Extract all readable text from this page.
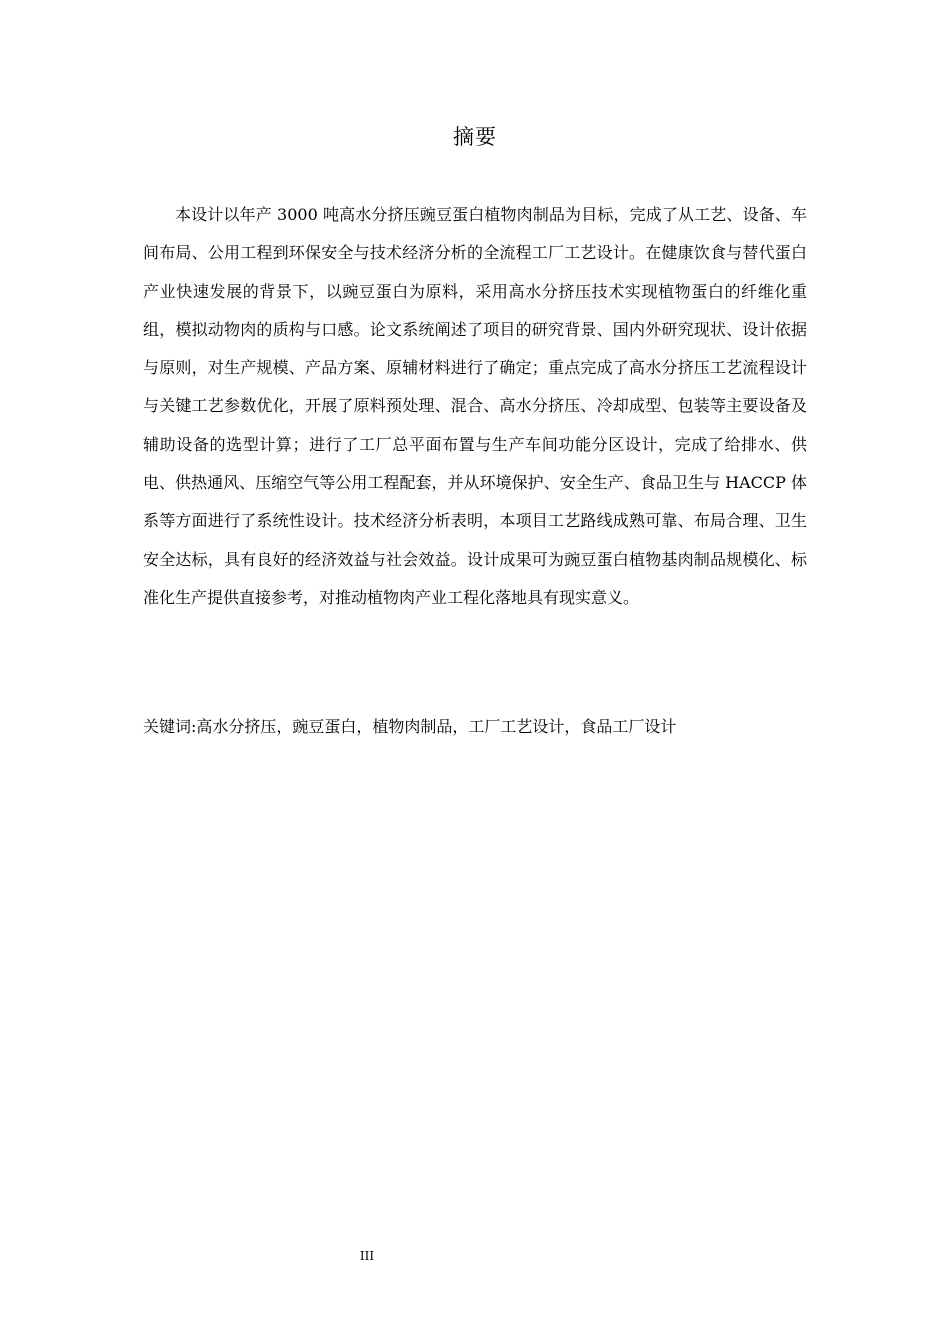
摘要

本设计以年产 3000 吨高水分挤压豌豆蛋白植物肉制品为目标，完成了从工艺、设备、车间布局、公用工程到环保安全与技术经济分析的全流程工厂工艺设计。在健康饮食与替代蛋白产业快速发展的背景下，以豌豆蛋白为原料，采用高水分挤压技术实现植物蛋白的纤维化重组，模拟动物肉的质构与口感。论文系统阐述了项目的研究背景、国内外研究现状、设计依据与原则，对生产规模、产品方案、原辅材料进行了确定；重点完成了高水分挤压工艺流程设计与关键工艺参数优化，开展了原料预处理、混合、高水分挤压、冷却成型、包装等主要设备及辅助设备的选型计算；进行了工厂总平面布置与生产车间功能分区设计，完成了给排水、供电、供热通风、压缩空气等公用工程配套，并从环境保护、安全生产、食品卫生与 HACCP 体系等方面进行了系统性设计。技术经济分析表明，本项目工艺路线成熟可靠、布局合理、卫生安全达标，具有良好的经济效益与社会效益。设计成果可为豌豆蛋白植物基肉制品规模化、标准化生产提供直接参考，对推动植物肉产业工程化落地具有现实意义。

关键词:高水分挤压，豌豆蛋白，植物肉制品，工厂工艺设计，食品工厂设计

III
